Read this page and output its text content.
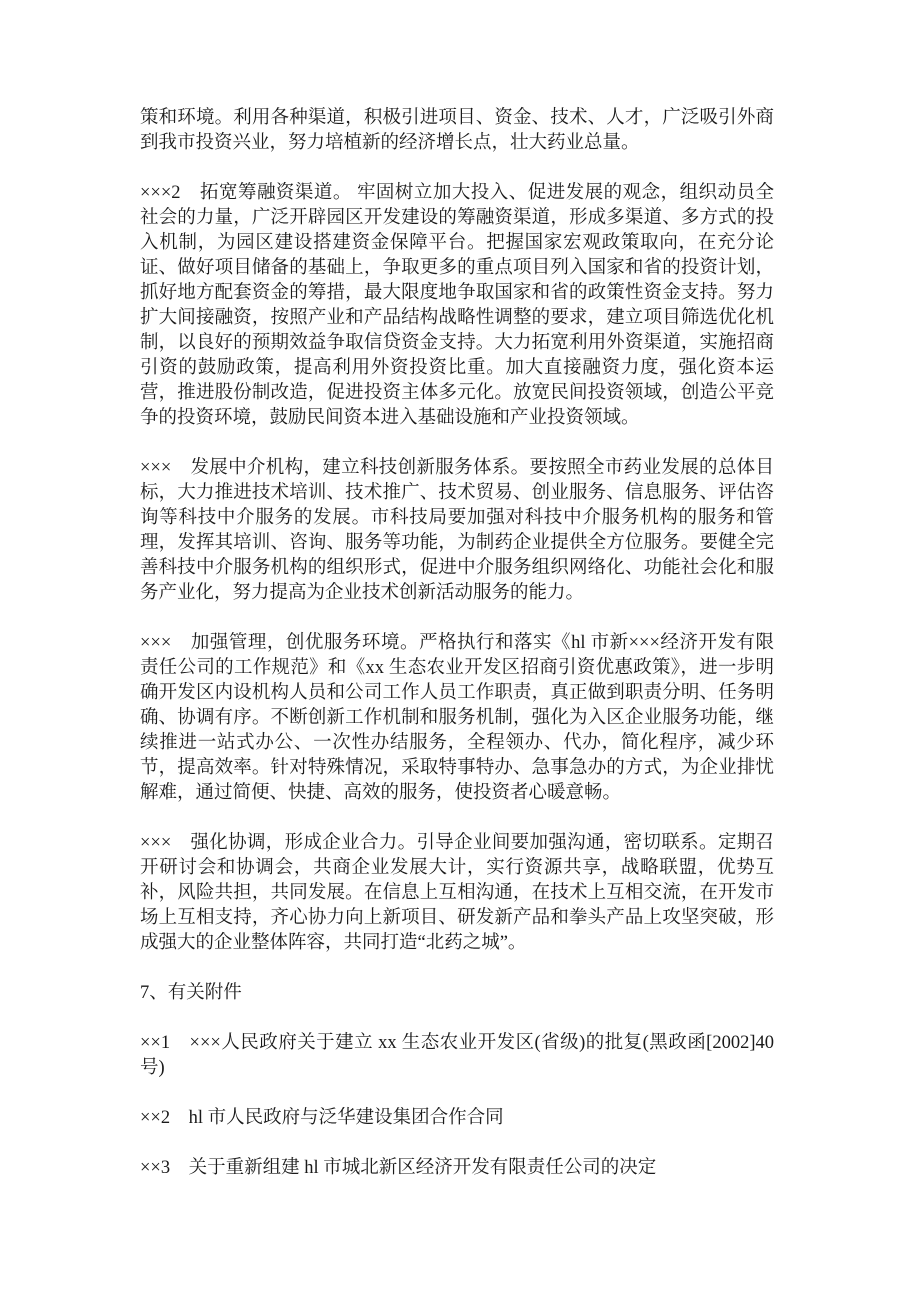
策和环境。利用各种渠道，积极引进项目、资金、技术、人才，广泛吸引外商到我市投资兴业，努力培植新的经济增长点，壮大药业总量。

×××2　拓宽筹融资渠道。 牢固树立加大投入、促进发展的观念，组织动员全社会的力量，广泛开辟园区开发建设的筹融资渠道，形成多渠道、多方式的投入机制，为园区建设搭建资金保障平台。把握国家宏观政策取向，在充分论证、做好项目储备的基础上，争取更多的重点项目列入国家和省的投资计划，抓好地方配套资金的筹措，最大限度地争取国家和省的政策性资金支持。努力扩大间接融资，按照产业和产品结构战略性调整的要求，建立项目筛选优化机制，以良好的预期效益争取信贷资金支持。大力拓宽利用外资渠道，实施招商引资的鼓励政策，提高利用外资投资比重。加大直接融资力度，强化资本运营，推进股份制改造，促进投资主体多元化。放宽民间投资领域，创造公平竞争的投资环境，鼓励民间资本进入基础设施和产业投资领域。

×××　发展中介机构，建立科技创新服务体系。要按照全市药业发展的总体目标，大力推进技术培训、技术推广、技术贸易、创业服务、信息服务、评估咨询等科技中介服务的发展。市科技局要加强对科技中介服务机构的服务和管理，发挥其培训、咨询、服务等功能，为制药企业提供全方位服务。要健全完善科技中介服务机构的组织形式，促进中介服务组织网络化、功能社会化和服务产业化，努力提高为企业技术创新活动服务的能力。

×××　加强管理，创优服务环境。严格执行和落实《hl 市新×××经济开发有限责任公司的工作规范》和《xx 生态农业开发区招商引资优惠政策》，进一步明确开发区内设机构人员和公司工作人员工作职责，真正做到职责分明、任务明确、协调有序。不断创新工作机制和服务机制，强化为入区企业服务功能，继续推进一站式办公、一次性办结服务，全程领办、代办，简化程序，减少环节，提高效率。针对特殊情况，采取特事特办、急事急办的方式，为企业排忧解难，通过简便、快捷、高效的服务，使投资者心暖意畅。

×××　强化协调，形成企业合力。引导企业间要加强沟通，密切联系。定期召开研讨会和协调会，共商企业发展大计，实行资源共享，战略联盟，优势互补，风险共担，共同发展。在信息上互相沟通，在技术上互相交流，在开发市场上互相支持，齐心协力向上新项目、研发新产品和拳头产品上攻坚突破，形成强大的企业整体阵容，共同打造“北药之城”。

7、有关附件

××1　×××人民政府关于建立 xx 生态农业开发区(省级)的批复(黑政函[2002]40 号)

××2　hl 市人民政府与泛华建设集团合作合同

××3　关于重新组建 hl 市城北新区经济开发有限责任公司的决定
